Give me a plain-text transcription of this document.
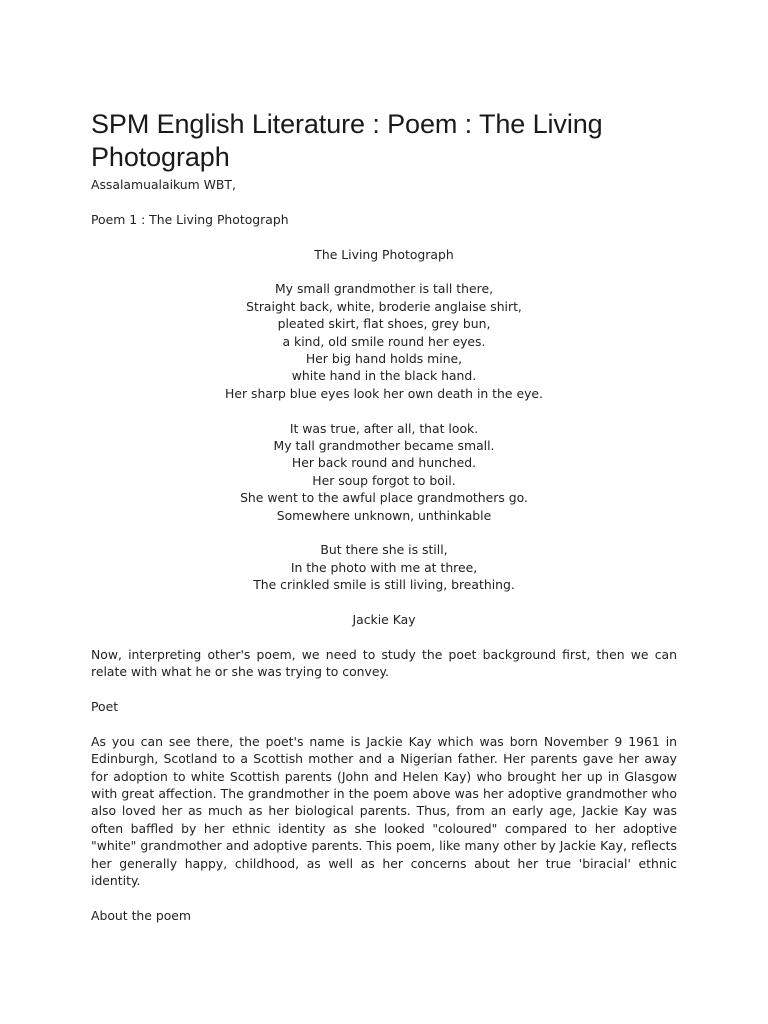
SPM English Literature : Poem : The Living Photograph

Assalamualaikum WBT,

Poem 1 : The Living Photograph

The Living Photograph

My small grandmother is tall there,
Straight back, white, broderie anglaise shirt,
pleated skirt, flat shoes, grey bun,
a kind, old smile round her eyes.
Her big hand holds mine,
white hand in the black hand.
Her sharp blue eyes look her own death in the eye.
It was true, after all, that look.
My tall grandmother became small.
Her back round and hunched.
Her soup forgot to boil.
She went to the awful place grandmothers go.
Somewhere unknown, unthinkable
But there she is still,
In the photo with me at three,
The crinkled smile is still living, breathing.

Jackie Kay

Now, interpreting other's poem, we need to study the poet background first, then we can relate with what he or she was trying to convey.

Poet

As you can see there, the poet's name is Jackie Kay which was born November 9 1961 in Edinburgh, Scotland to a Scottish mother and a Nigerian father. Her parents gave her away for adoption to white Scottish parents (John and Helen Kay) who brought her up in Glasgow with great affection. The grandmother in the poem above was her adoptive grandmother who also loved her as much as her biological parents. Thus, from an early age, Jackie Kay was often baffled by her ethnic identity as she looked "coloured" compared to her adoptive "white" grandmother and adoptive parents. This poem, like many other by Jackie Kay, reflects her generally happy, childhood, as well as her concerns about her true 'biracial' ethnic identity.

About the poem
